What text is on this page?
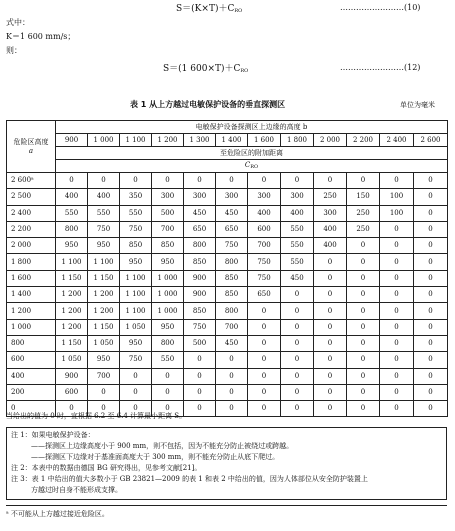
$S=(K\times T)+C_{RO}$	……………………(10)
式中：
K＝1 600 mm/s；
则：
S＝(1 $600\times T)+C_{RO}$	……………………(12)
表 1 从上方越过电敏保护设备的垂直探测区	单位为毫米
危险区高度
a	电敏保护设备探测区上边缘的高度 b											
	900	1 000	1 100	1 200	1 300	1 400	1 600	1 800	2 000	2 200	2 400	2 600
	至危险区的附加距离											
	$C_{RO}$
2 600ᵃ	0	0	0	0	0	0	0	0	0	0	0	0
2 500	400	400	350	300	300	300	300	300	250	150	100	0
2 400	550	550	550	500	450	450	400	400	300	250	100	0
2 200	800	750	750	700	650	650	600	550	400	250	0	0
2 000	950	950	850	850	800	750	700	550	400	0	0	0
1 800	1 100	1 100	950	950	850	800	750	550	0	0	0	0
1 600	1 150	1 150	1 100	1 000	900	850	750	450	0	0	0	0
1 400	1 200	1 200	1 100	1 000	900	850	650	0	0	0	0	0
1 200	1 200	1 200	1 100	1 000	850	800	0	0	0	0	0	0
1 000	1 200	1 150	1 050	950	750	700	0	0	0	0	0	0
800	1 150	1 050	950	800	500	450	0	0	0	0	0	0
600	1 050	950	750	550	0	0	0	0	0	0	0	0
400	900	700	0	0	0	0	0	0	0	0	0	0
200	600	0	0	0	0	0	0	0	0	0	0	0
0	0	0	0	0	0	0	0	0	0	0	0	0
当给出的值为 0 时，宜根据 6.2 至 6.4 计算最小距离 S。
注 1：如果电敏保护设备：
——探测区上边缘高度小于 900 mm，则不包括，因为不能充分防止被绕过或跨越。
——探测区下边缘对于基准面高度大于 300 mm，则不能充分防止从底下爬过。
注 2：本表中的数据由德国 BG 研究得出，见参考文献[21]。
注 3：表 1 中给出的值大多数小于 GB 23821—2009 的表 1 和表 2 中给出的值，因为人体部位从安全防护装置上
方越过时自身不能形成支撑。
ᵃ 不可能从上方越过接近危险区。
